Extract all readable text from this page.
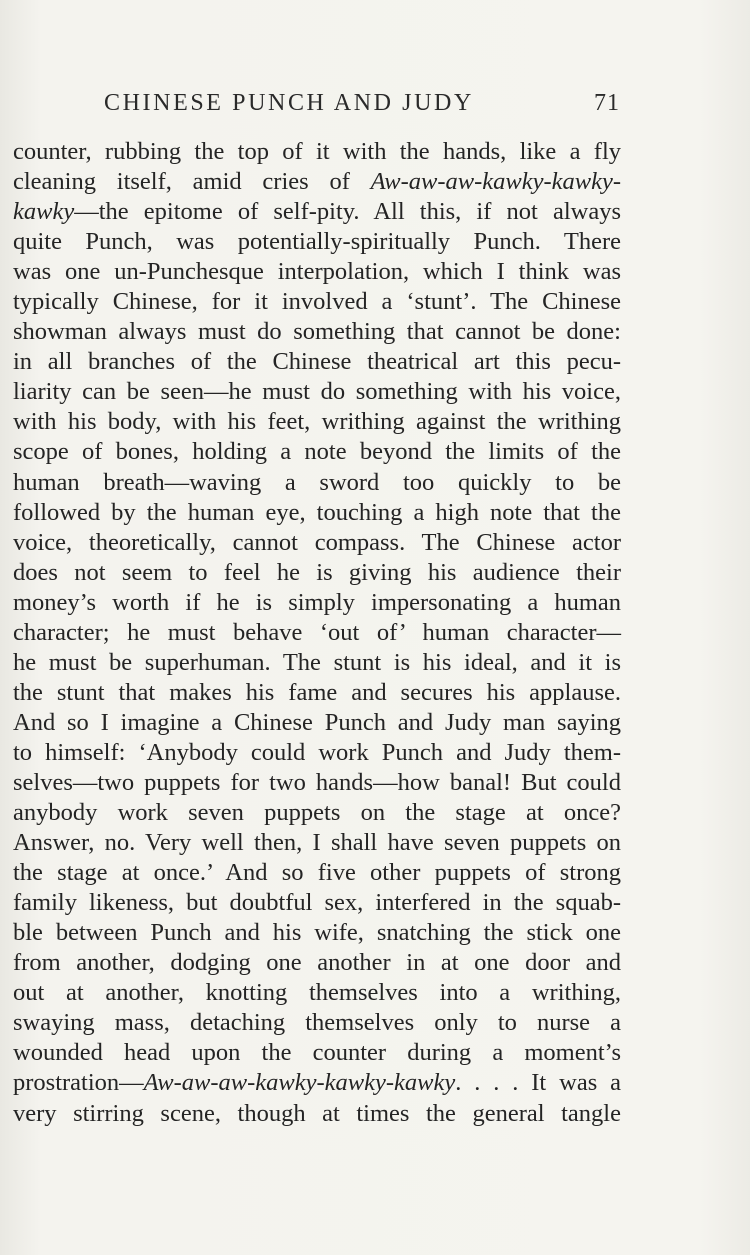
CHINESE PUNCH AND JUDY	71
counter, rubbing the top of it with the hands, like a fly
cleaning itself, amid cries of Aw-aw-aw-kawky-kawky-
kawky—the epitome of self-pity. All this, if not always
quite Punch, was potentially-spiritually Punch. There
was one un-Punchesque interpolation, which I think was
typically Chinese, for it involved a ‘stunt’. The Chinese
showman always must do something that cannot be done:
in all branches of the Chinese theatrical art this pecu-
liarity can be seen—he must do something with his voice,
with his body, with his feet, writhing against the writhing
scope of bones, holding a note beyond the limits of the
human breath—waving a sword too quickly to be
followed by the human eye, touching a high note that the
voice, theoretically, cannot compass. The Chinese actor
does not seem to feel he is giving his audience their
money’s worth if he is simply impersonating a human
character; he must behave ‘out of’ human character—
he must be superhuman. The stunt is his ideal, and it is
the stunt that makes his fame and secures his applause.
And so I imagine a Chinese Punch and Judy man saying
to himself: ‘Anybody could work Punch and Judy them-
selves—two puppets for two hands—how banal! But could
anybody work seven puppets on the stage at once?
Answer, no. Very well then, I shall have seven puppets on
the stage at once.’ And so five other puppets of strong
family likeness, but doubtful sex, interfered in the squab-
ble between Punch and his wife, snatching the stick one
from another, dodging one another in at one door and
out at another, knotting themselves into a writhing,
swaying mass, detaching themselves only to nurse a
wounded head upon the counter during a moment’s
prostration—Aw-aw-aw-kawky-kawky-kawky. . . . It was a
very stirring scene, though at times the general tangle
